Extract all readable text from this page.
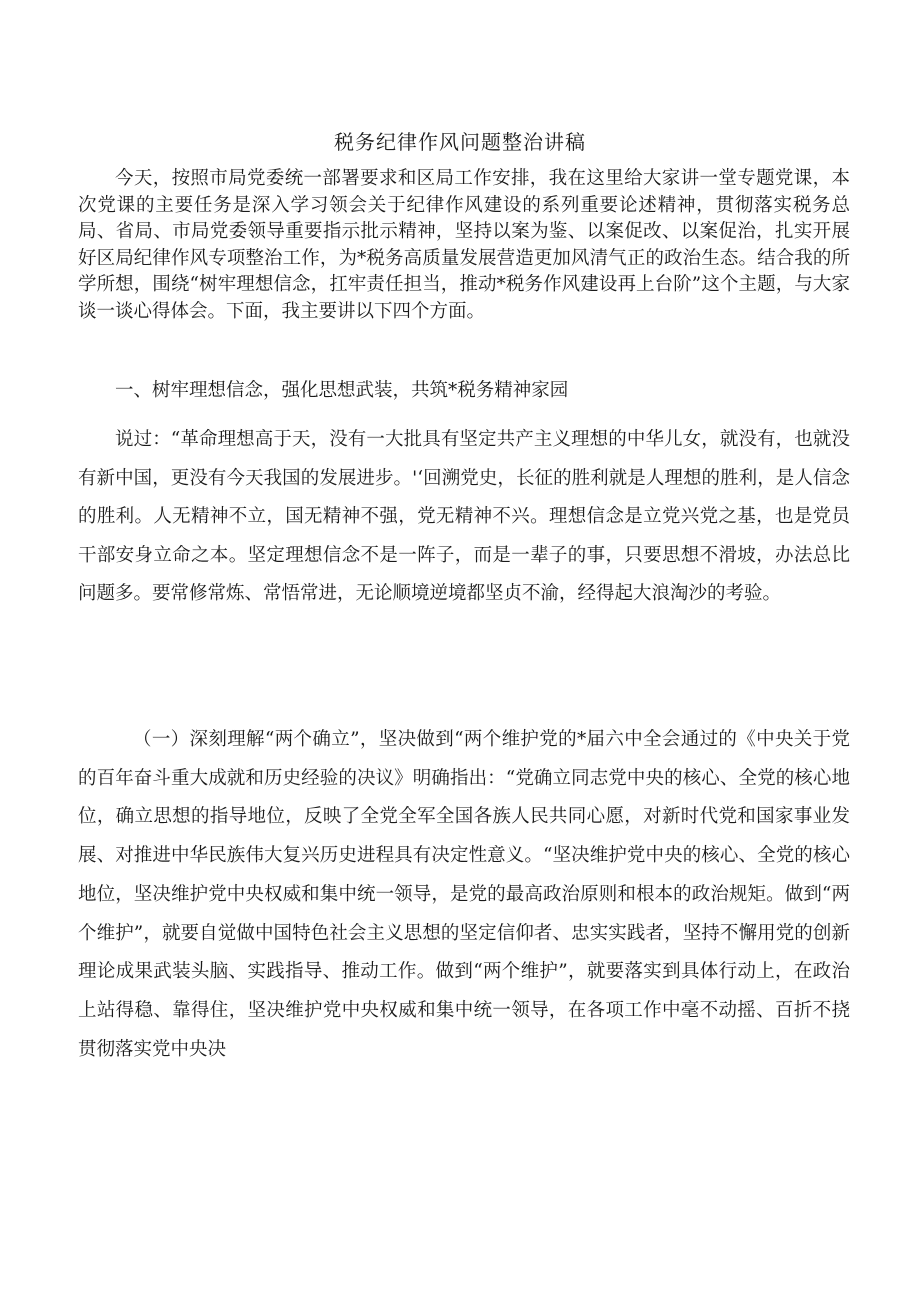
税务纪律作风问题整治讲稿

今天，按照市局党委统一部署要求和区局工作安排，我在这里给大家讲一堂专题党课，本次党课的主要任务是深入学习领会关于纪律作风建设的系列重要论述精神，贯彻落实税务总局、省局、市局党委领导重要指示批示精神，坚持以案为鉴、以案促改、以案促治，扎实开展好区局纪律作风专项整治工作，为*税务高质量发展营造更加风清气正的政治生态。结合我的所学所想，围绕“树牢理想信念，扛牢责任担当，推动*税务作风建设再上台阶”这个主题，与大家谈一谈心得体会。下面，我主要讲以下四个方面。

一、树牢理想信念，强化思想武装，共筑*税务精神家园

说过：“革命理想高于天，没有一大批具有坚定共产主义理想的中华儿女，就没有，也就没有新中国，更没有今天我国的发展进步。'‘回溯党史，长征的胜利就是人理想的胜利，是人信念的胜利。人无精神不立，国无精神不强，党无精神不兴。理想信念是立党兴党之基，也是党员干部安身立命之本。坚定理想信念不是一阵子，而是一辈子的事，只要思想不滑坡，办法总比问题多。要常修常炼、常悟常进，无论顺境逆境都坚贞不渝，经得起大浪淘沙的考验。

（一）深刻理解“两个确立”，坚决做到“两个维护党的*届六中全会通过的《中央关于党的百年奋斗重大成就和历史经验的决议》明确指出：“党确立同志党中央的核心、全党的核心地位，确立思想的指导地位，反映了全党全军全国各族人民共同心愿，对新时代党和国家事业发展、对推进中华民族伟大复兴历史进程具有决定性意义。“坚决维护党中央的核心、全党的核心地位，坚决维护党中央权威和集中统一领导，是党的最高政治原则和根本的政治规矩。做到“两个维护”，就要自觉做中国特色社会主义思想的坚定信仰者、忠实实践者，坚持不懈用党的创新理论成果武装头脑、实践指导、推动工作。做到“两个维护”，就要落实到具体行动上，在政治上站得稳、靠得住，坚决维护党中央权威和集中统一领导，在各项工作中毫不动摇、百折不挠贯彻落实党中央决
